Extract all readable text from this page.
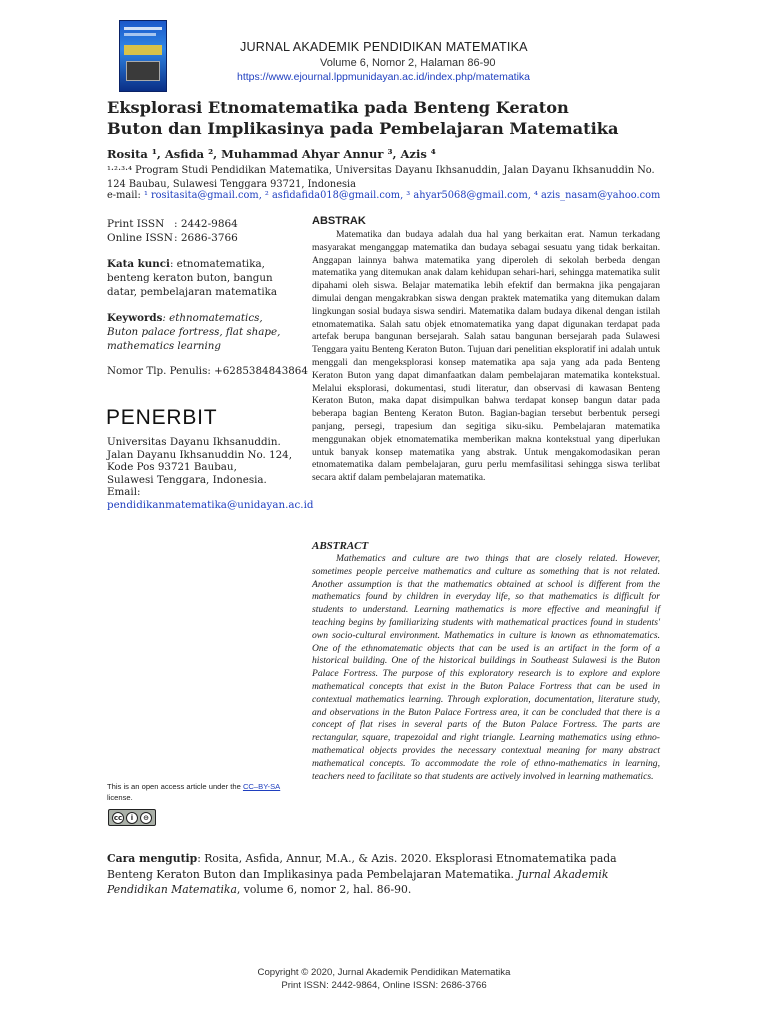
JURNAL AKADEMIK PENDIDIKAN MATEMATIKA
Volume 6, Nomor 2, Halaman 86-90
https://www.ejournal.lppmunidayan.ac.id/index.php/matematika
Eksplorasi Etnomatematika pada Benteng Keraton Buton dan Implikasinya pada Pembelajaran Matematika
Rosita ¹, Asfida ², Muhammad Ahyar Annur ³, Azis ⁴
¹·²·³·⁴ Program Studi Pendidikan Matematika, Universitas Dayanu Ikhsanuddin, Jalan Dayanu Ikhsanuddin No. 124 Baubau, Sulawesi Tenggara 93721, Indonesia
e-mail: ¹ rositasita@gmail.com, ² asfidafida018@gmail.com, ³ ahyar5068@gmail.com, ⁴ azis_nasam@yahoo.com
Print ISSN : 2442-9864
Online ISSN: 2686-3766
Kata kunci: etnomatematika, benteng keraton buton, bangun datar, pembelajaran matematika
Keywords: ethnomatematics, Buton palace fortress, flat shape, mathematics learning
Nomor Tlp. Penulis: +6285384843864
PENERBIT
Universitas Dayanu Ikhsanuddin.
Jalan Dayanu Ikhsanuddin No. 124,
Kode Pos 93721 Baubau,
Sulawesi Tenggara, Indonesia.
Email:
pendidikanmatematika@unidayan.ac.id
This is an open access article under the CC–BY-SA
license.
cc	i	⊖
ABSTRAK
Matematika dan budaya adalah dua hal yang berkaitan erat. Namun terkadang masyarakat menganggap matematika dan budaya sebagai sesuatu yang tidak berkaitan. Anggapan lainnya bahwa matematika yang diperoleh di sekolah berbeda dengan matematika yang ditemukan anak dalam kehidupan sehari-hari, sehingga matematika sulit dipahami oleh siswa. Belajar matematika lebih efektif dan bermakna jika pengajaran dimulai dengan mengakrabkan siswa dengan praktek matematika yang ditemukan dalam lingkungan sosial budaya siswa sendiri. Matematika dalam budaya dikenal dengan istilah etnomatematika. Salah satu objek etnomatematika yang dapat digunakan terdapat pada artefak berupa bangunan bersejarah. Salah satau bangunan bersejarah pada Sulawesi Tenggara yaitu Benteng Keraton Buton. Tujuan dari penelitian eksploratif ini adalah untuk menggali dan mengeksplorasi konsep matematika apa saja yang ada pada Benteng Keraton Buton yang dapat dimanfaatkan dalam pembelajaran matematika kontekstual. Melalui eksplorasi, dokumentasi, studi literatur, dan observasi di kawasan Benteng Keraton Buton, maka dapat disimpulkan bahwa terdapat konsep bangun datar pada beberapa bagian Benteng Keraton Buton. Bagian-bagian tersebut berbentuk persegi panjang, persegi, trapesium dan segitiga siku-siku. Pembelajaran matematika menggunakan objek etnomatematika memberikan makna kontekstual yang diperlukan untuk banyak konsep matematika yang abstrak. Untuk mengakomodasikan peran etnomatematika dalam pembelajaran, guru perlu memfasilitasi sehingga siswa terlibat secara aktif dalam pembelajaran matematika.
ABSTRACT
Mathematics and culture are two things that are closely related. However, sometimes people perceive mathematics and culture as something that is not related. Another assumption is that the mathematics obtained at school is different from the mathematics found by children in everyday life, so that mathematics is difficult for students to understand. Learning mathematics is more effective and meaningful if teaching begins by familiarizing students with mathematical practices found in students' own socio-cultural environment. Mathematics in culture is known as ethnomatematics. One of the ethnomatematic objects that can be used is an artifact in the form of a historical building. One of the historical buildings in Southeast Sulawesi is the Buton Palace Fortress. The purpose of this exploratory research is to explore and explore mathematical concepts that exist in the Buton Palace Fortress that can be used in contextual mathematics learning. Through exploration, documentation, literature study, and observations in the Buton Palace Fortress area, it can be concluded that there is a concept of flat rises in several parts of the Buton Palace Fortress. The parts are rectangular, square, trapezoidal and right triangle. Learning mathematics using ethno-mathematical objects provides the necessary contextual meaning for many abstract mathematical concepts. To accommodate the role of ethno-mathematics in learning, teachers need to facilitate so that students are actively involved in learning mathematics.
Cara mengutip: Rosita, Asfida, Annur, M.A., & Azis. 2020. Eksplorasi Etnomatematika pada Benteng Keraton Buton dan Implikasinya pada Pembelajaran Matematika. Jurnal Akademik Pendidikan Matematika, volume 6, nomor 2, hal. 86-90.
Copyright © 2020, Jurnal Akademik Pendidikan Matematika
Print ISSN: 2442-9864, Online ISSN: 2686-3766
